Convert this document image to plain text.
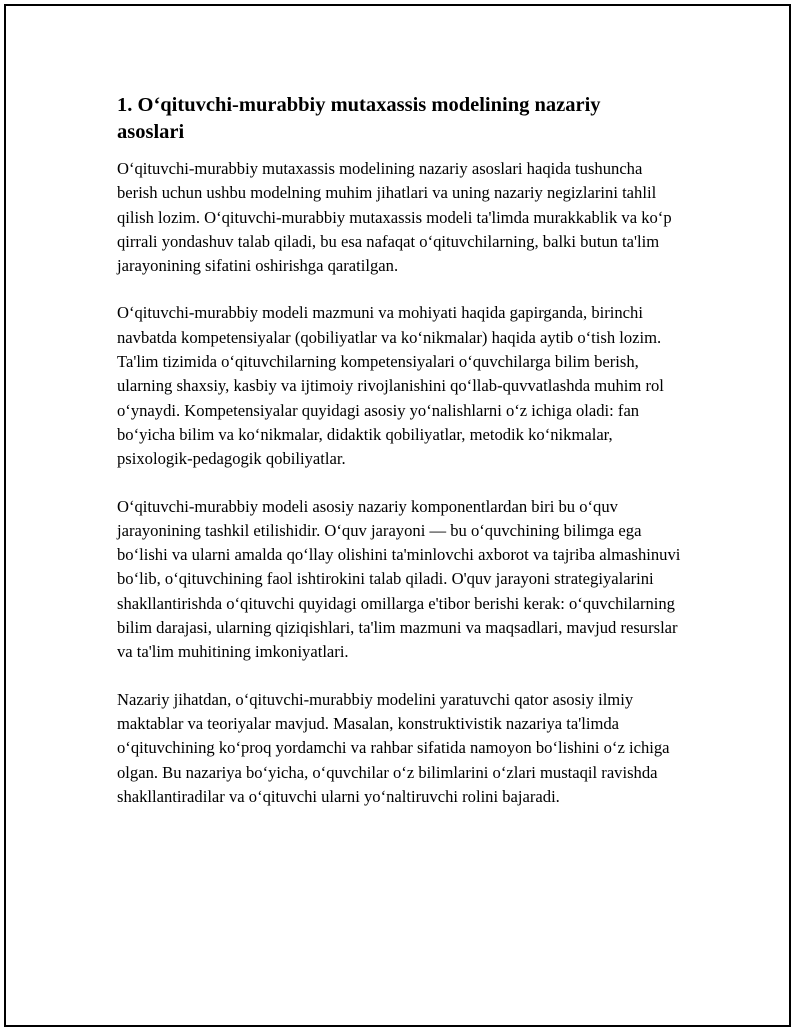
1. O‘qituvchi-murabbiy mutaxassis modelining nazariy asoslari

O‘qituvchi-murabbiy mutaxassis modelining nazariy asoslari haqida tushuncha berish uchun ushbu modelning muhim jihatlari va uning nazariy negizlarini tahlil qilish lozim. O‘qituvchi-murabbiy mutaxassis modeli ta'limda murakkablik va ko‘p qirrali yondashuv talab qiladi, bu esa nafaqat o‘qituvchilarning, balki butun ta'lim jarayonining sifatini oshirishga qaratilgan.

O‘qituvchi-murabbiy modeli mazmuni va mohiyati haqida gapirganda, birinchi navbatda kompetensiyalar (qobiliyatlar va ko‘nikmalar) haqida aytib o‘tish lozim. Ta'lim tizimida o‘qituvchilarning kompetensiyalari o‘quvchilarga bilim berish, ularning shaxsiy, kasbiy va ijtimoiy rivojlanishini qo‘llab-quvvatlashda muhim rol o‘ynaydi. Kompetensiyalar quyidagi asosiy yo‘nalishlarni o‘z ichiga oladi: fan bo‘yicha bilim va ko‘nikmalar, didaktik qobiliyatlar, metodik ko‘nikmalar, psixologik-pedagogik qobiliyatlar.

O‘qituvchi-murabbiy modeli asosiy nazariy komponentlardan biri bu o‘quv jarayonining tashkil etilishidir. O‘quv jarayoni — bu o‘quvchining bilimga ega bo‘lishi va ularni amalda qo‘llay olishini ta'minlovchi axborot va tajriba almashinuvi bo‘lib, o‘qituvchining faol ishtirokini talab qiladi. O'quv jarayoni strategiyalarini shakllantirishda o‘qituvchi quyidagi omillarga e'tibor berishi kerak: o‘quvchilarning bilim darajasi, ularning qiziqishlari, ta'lim mazmuni va maqsadlari, mavjud resurslar va ta'lim muhitining imkoniyatlari.

Nazariy jihatdan, o‘qituvchi-murabbiy modelini yaratuvchi qator asosiy ilmiy maktablar va teoriyalar mavjud. Masalan, konstruktivistik nazariya ta'limda o‘qituvchining ko‘proq yordamchi va rahbar sifatida namoyon bo‘lishini o‘z ichiga olgan. Bu nazariya bo‘yicha, o‘quvchilar o‘z bilimlarini o‘zlari mustaqil ravishda shakllantiradilar va o‘qituvchi ularni yo‘naltiruvchi rolini bajaradi.
